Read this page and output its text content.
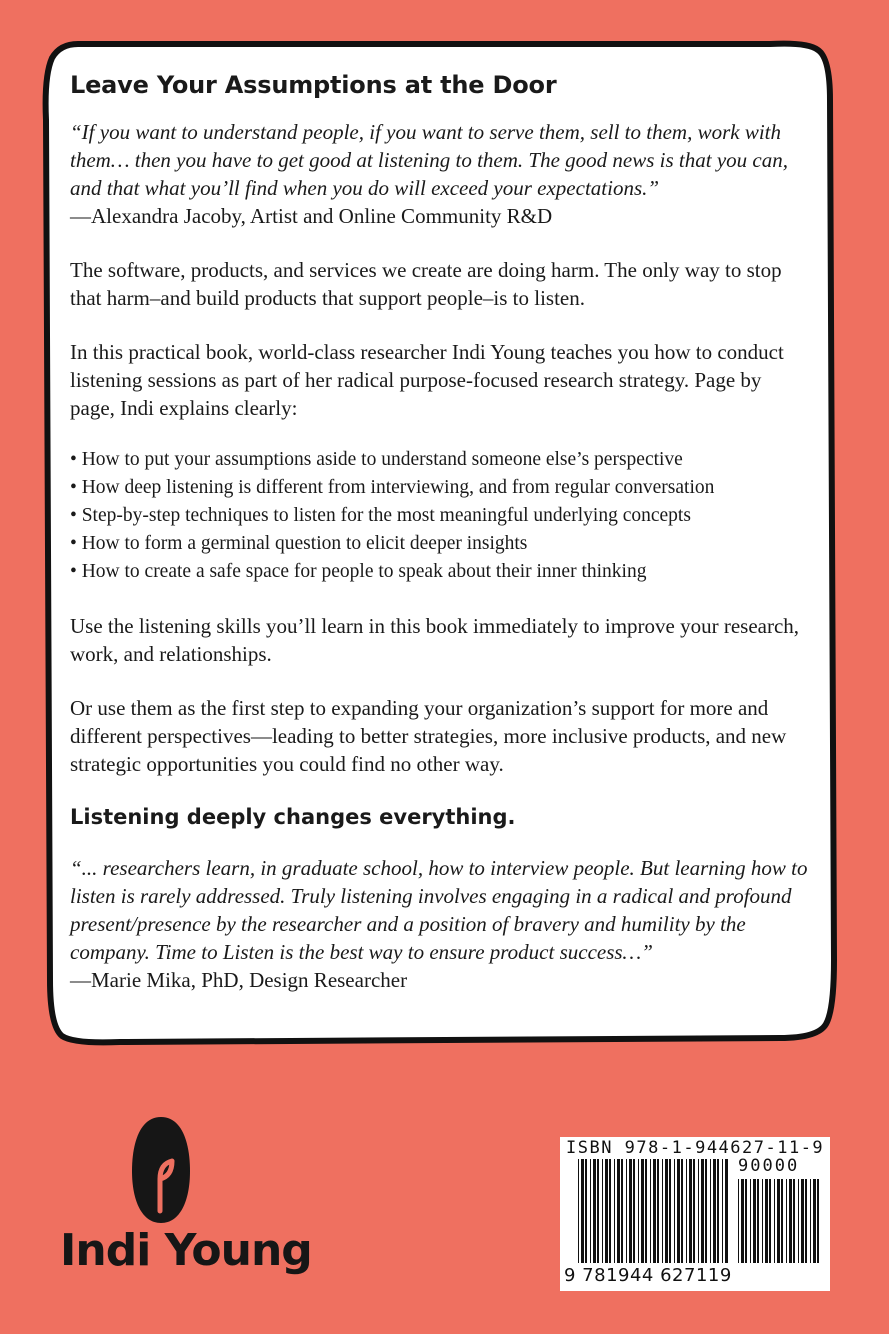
Leave Your Assumptions at the Door

“If you want to understand people, if you want to serve them, sell to them, work with them… then you have to get good at listening to them. The good news is that you can, and that what you’ll find when you do will exceed your expectations.”
—Alexandra Jacoby, Artist and Online Community R&D

The software, products, and services we create are doing harm. The only way to stop that harm–and build products that support people–is to listen.

In this practical book, world-class researcher Indi Young teaches you how to conduct listening sessions as part of her radical purpose-focused research strategy. Page by page, Indi explains clearly:

• How to put your assumptions aside to understand someone else’s perspective
• How deep listening is different from interviewing, and from regular conversation
• Step-by-step techniques to listen for the most meaningful underlying concepts
• How to form a germinal question to elicit deeper insights
• How to create a safe space for people to speak about their inner thinking

Use the listening skills you’ll learn in this book immediately to improve your research, work, and relationships.

Or use them as the first step to expanding your organization’s support for more and different perspectives—leading to better strategies, more inclusive products, and new strategic opportunities you could find no other way.

Listening deeply changes everything.

“... researchers learn, in graduate school, how to interview people. But learning how to listen is rarely addressed. Truly listening involves engaging in a radical and profound present/presence by the researcher and a position of bravery and humility by the company. Time to Listen is the best way to ensure product success…”
—Marie Mika, PhD, Design Researcher

Indi Young
ISBN 978-1-944627-11-9
90000
9 781944 627119
